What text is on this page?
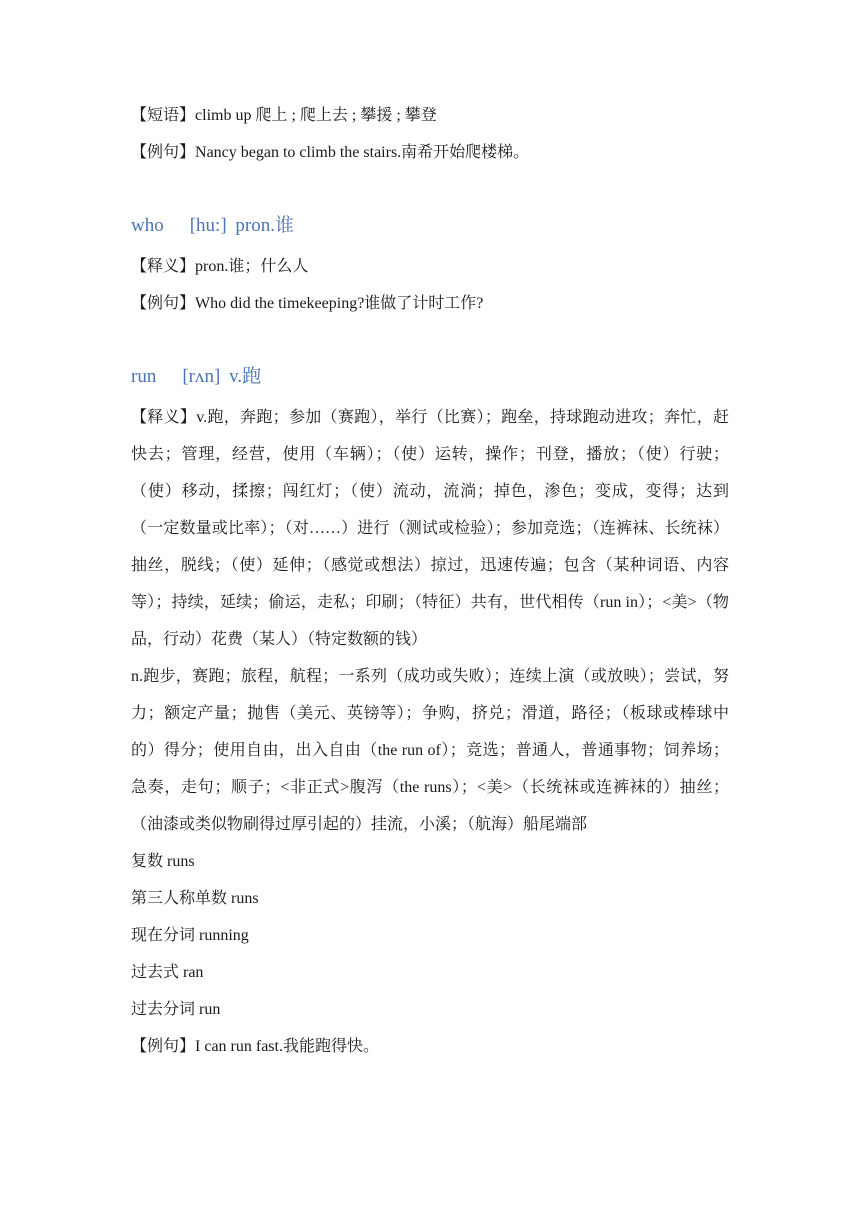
【短语】climb up 爬上 ; 爬上去 ; 攀援 ; 攀登
【例句】Nancy began to climb the stairs.南希开始爬楼梯。
who [hu:] pron.谁
【释义】pron.谁；什么人
【例句】Who did the timekeeping?谁做了计时工作?
run [rʌn] v.跑

【释义】v.跑，奔跑；参加（赛跑），举行（比赛）；跑垒，持球跑动进攻；奔忙，赶快去；管理，经营，使用（车辆）；（使）运转，操作；刊登，播放；（使）行驶；（使）移动，揉擦；闯红灯；（使）流动，流淌；掉色，渗色；变成，变得；达到（一定数量或比率）；（对……）进行（测试或检验）；参加竞选；（连裤袜、长统袜）抽丝，脱线；（使）延伸；（感觉或想法）掠过，迅速传遍；包含（某种词语、内容等）；持续，延续；偷运，走私；印刷；（特征）共有，世代相传（run in）；<美>（物品，行动）花费（某人）（特定数额的钱）

n.跑步，赛跑；旅程，航程；一系列（成功或失败）；连续上演（或放映）；尝试，努力；额定产量；抛售（美元、英镑等）；争购，挤兑；滑道，路径；（板球或棒球中的）得分；使用自由，出入自由（the run of）；竞选；普通人，普通事物；饲养场；急奏，走句；顺子；<非正式>腹泻（the runs）；<美>（长统袜或连裤袜的）抽丝；（油漆或类似物刷得过厚引起的）挂流，小溪；（航海）船尾端部

复数 runs

第三人称单数 runs

现在分词 running

过去式 ran

过去分词 run

【例句】I can run fast.我能跑得快。
